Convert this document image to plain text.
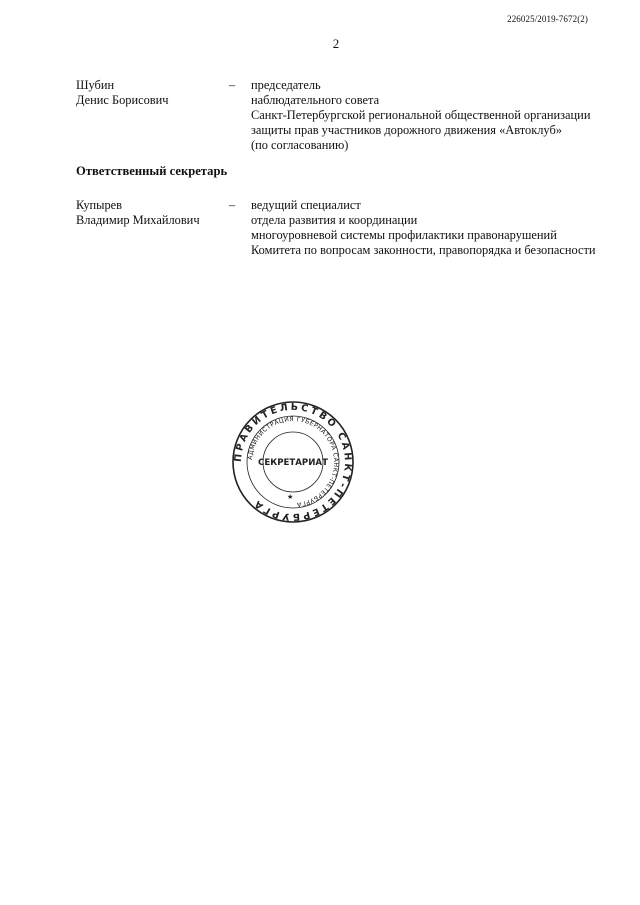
226025/2019-7672(2)
2
Шубин
Денис Борисович
– председатель
наблюдательного совета
Санкт-Петербургской региональной общественной организации
защиты прав участников дорожного движения «Автоклуб»
(по согласованию)
Ответственный секретарь
Купырев
Владимир Михайлович
– ведущий специалист
отдела развития и координации
многоуровневой системы профилактики правонарушений
Комитета по вопросам законности, правопорядка и безопасности
ПРАВИТЕЛЬСТВО САНКТ-ПЕТЕРБУРГА
АДМИНИСТРАЦИЯ ГУБЕРНАТОРА САНКТ-ПЕТЕРБУРГА
СЕКРЕТАРИАТ
★
